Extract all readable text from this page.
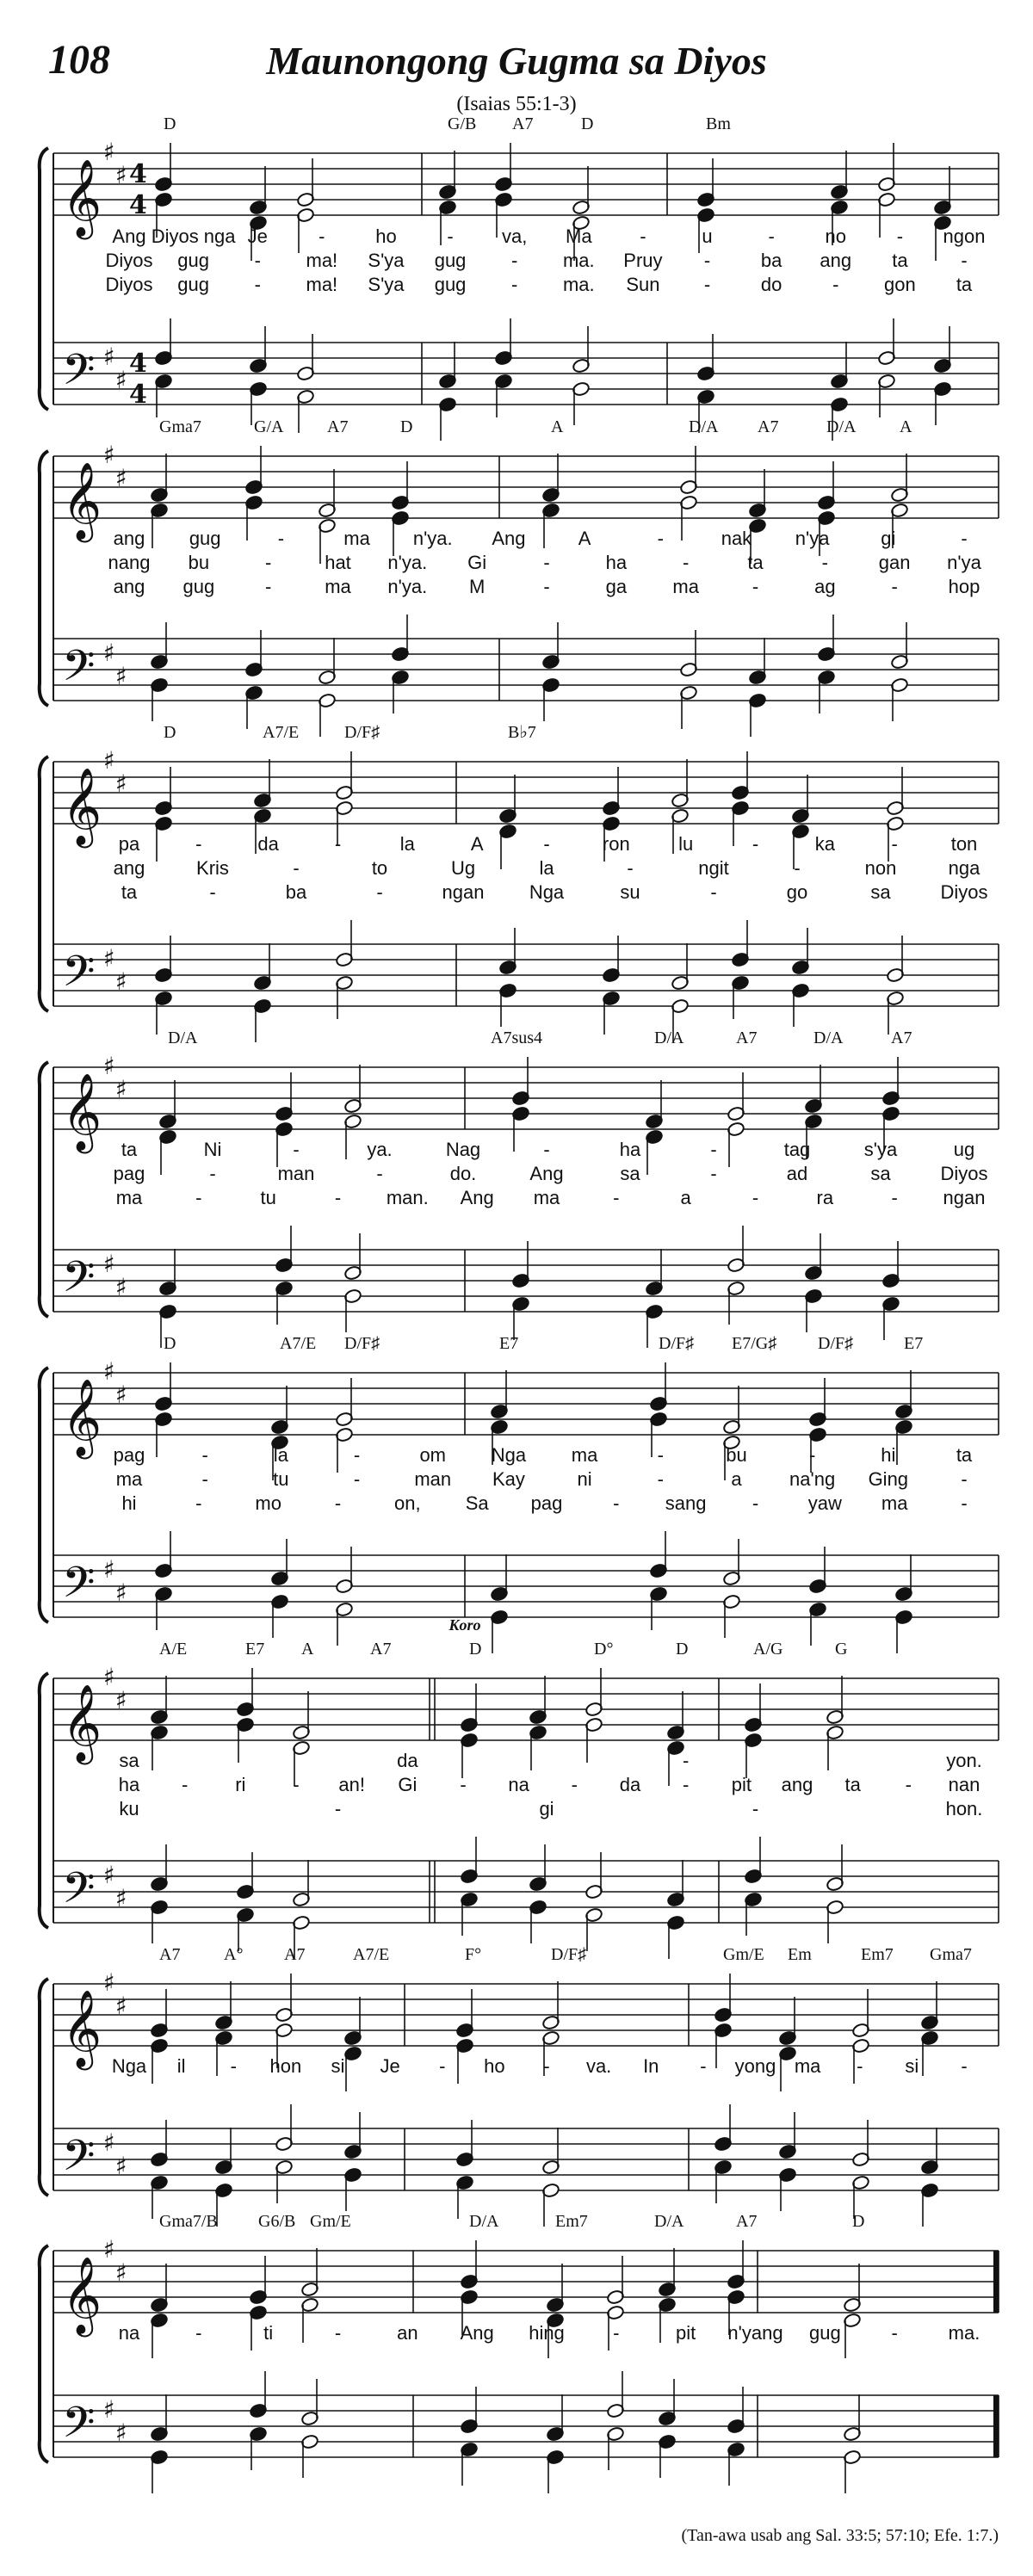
108	Maunongong Gugma sa Diyos
(Isaias 55:1-3)
𝄞
𝄢
♯
♯
♯
♯
4
4
4
4
D	G/B A7	D	Bm
Ang Diyos nga Je	-	ho	-	va, Ma	-	u	-	no	- ngon
Diyos gug - ma! S'ya gug - ma. Pruy -	ba ang ta	-
Diyos gug - ma! S'ya gug - ma. Sun -	do	- gon ta
𝄞
𝄢
♯
♯
♯
♯
Gma7	G/A	A7	D	A	D/A A7	D/A	A
ang gug	-	ma n'ya. Ang	A	-	nak n'ya	gi	-
nang bu	-	hat n'ya. Gi	-	ha	-	ta	-	gan n'ya
ang gug	-	ma n'ya. M	-	ga ma	-	ag	-	hop
𝄞
𝄢
♯
♯
♯
♯
D	A7/E	D/F♯	B♭7
pa	-	da	-	la	A	-	ron	lu	-	ka	-	ton
ang	Kris	-	to	Ug	la	-	ngit	-	non	nga
ta	-	ba	-	ngan Nga	su	-	go	sa	Diyos
𝄞
𝄢
♯
♯
♯
♯
D/A	A7sus4	D/A	A7	D/A	A7
ta	Ni	-	ya.	Nag	-	ha	-	tag	s'ya	ug
pag	-	man	-	do.	Ang	sa	-	ad	sa	Diyos
ma	-	tu	- man. Ang ma	-	a	-	ra	- ngan
𝄞
𝄢
♯
♯
♯
♯
D	A7/E D/F♯	E7	D/F♯ E7/G♯ D/F♯	E7
pag	-	la	-	om Nga ma	-	bu	-	hi	ta
ma	-	tu	-	man Kay	ni	-	a	na'ng Ging	-
hi	-	mo	-	on, Sa pag	- sang -	yaw ma	-
𝄞
𝄢
♯
♯
♯
♯
A/E	E7 A	A7	D	D°	D	A/G	G
Koro
sa	da	-	yon.
ha - ri - an! Gi - na - da - pit ang ta - nan
ku	-	gi	-	hon.
𝄞
𝄢
♯
♯
♯
♯
A7	A° A7	A7/E	F°	D/F♯	Gm/E Em	Em7 Gma7
Nga il - hon si Je - ho - va. In - yong ma - si -
𝄞
𝄢
♯
♯
♯
♯
Gma7/B G6/B Gm/E	D/A	Em7	D/A	A7	D
na	-	ti	-	an Ang hing	-	pit n'yang gug	-	ma.
(Tan-awa usab ang Sal. 33:5; 57:10; Efe. 1:7.)
